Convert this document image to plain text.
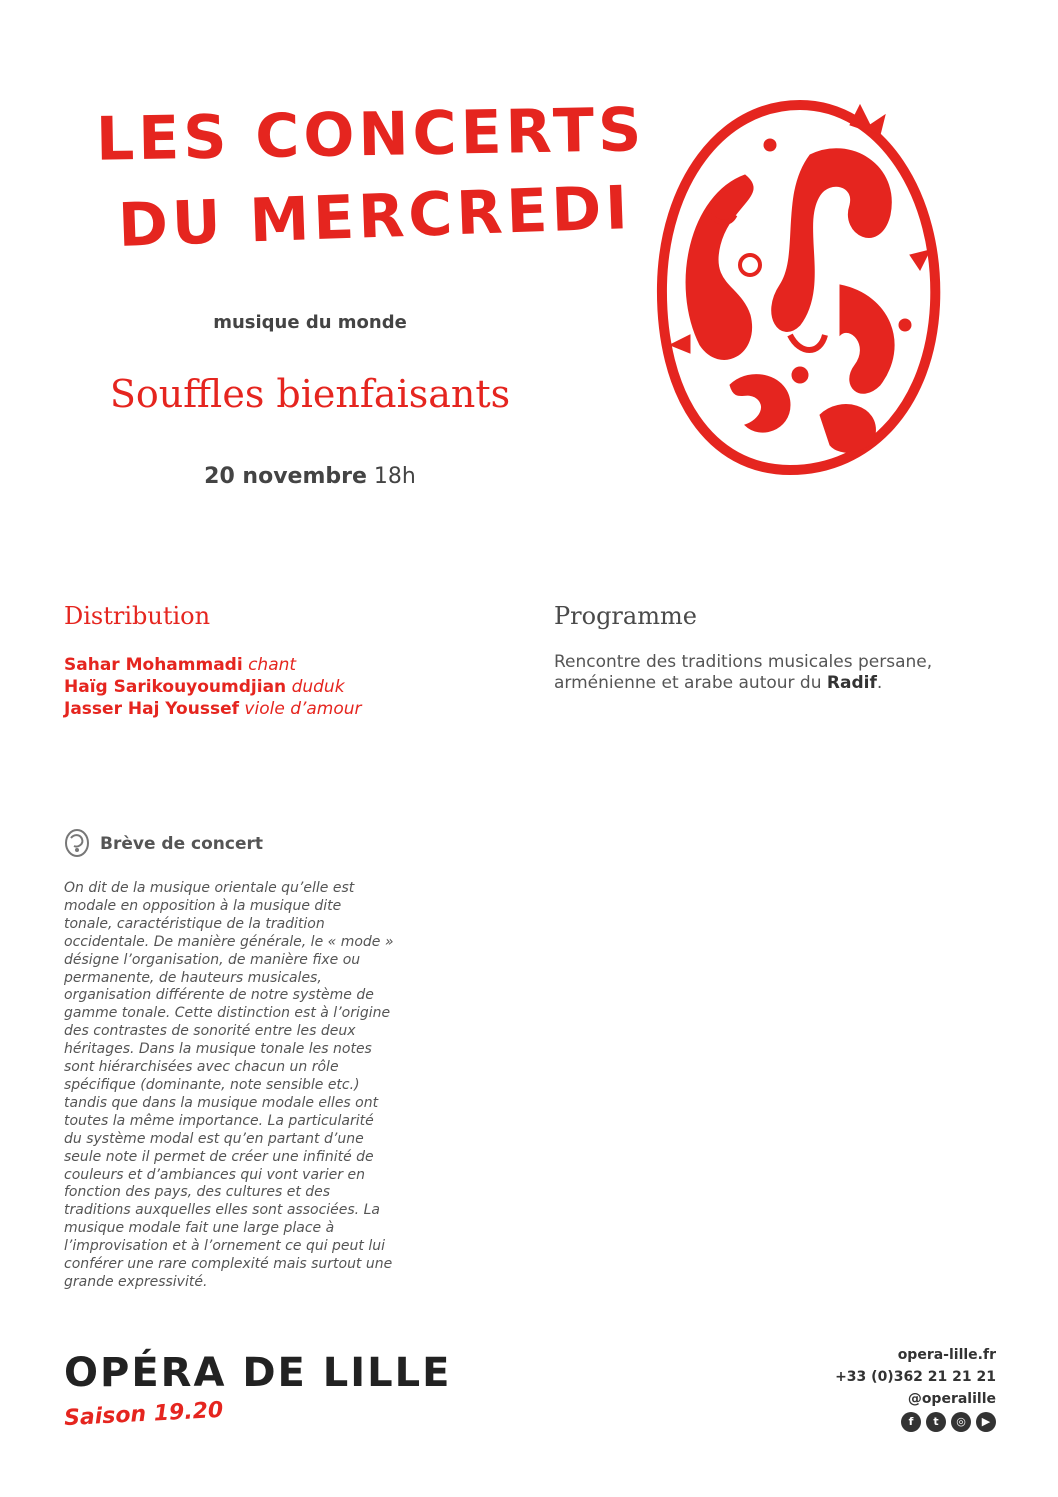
LES CONCERTS
DU MERCREDI
musique du monde
Souffles bienfaisants
20 novembre 18h
Distribution	Programme
Sahar Mohammadi chant
Haïg Sarikouyoumdjian duduk
Jasser Haj Youssef viole d’amour
Rencontre des traditions musicales persane, arménienne et arabe autour du Radif.
Brève de concert
On dit de la musique orientale qu’elle est modale en opposition à la musique dite tonale, caractéristique de la tradition occidentale. De manière générale, le « mode » désigne l’organisation, de manière fixe ou permanente, de hauteurs musicales, organisation différente de notre système de gamme tonale. Cette distinction est à l’origine des contrastes de sonorité entre les deux héritages. Dans la musique tonale les notes sont hiérarchisées avec chacun un rôle spécifique (dominante, note sensible etc.) tandis que dans la musique modale elles ont toutes la même importance. La particularité du système modal est qu’en partant d’une seule note il permet de créer une infinité de couleurs et d’ambiances qui vont varier en fonction des pays, des cultures et des traditions auxquelles elles sont associées. La musique modale fait une large place à l’improvisation et à l’ornement ce qui peut lui conférer une rare complexité mais surtout une grande expressivité.
OPÉRA DE LILLE
Saison 19.20
opera-lille.fr
+33 (0)362 21 21 21
@operalille
f	t	◎	▶
